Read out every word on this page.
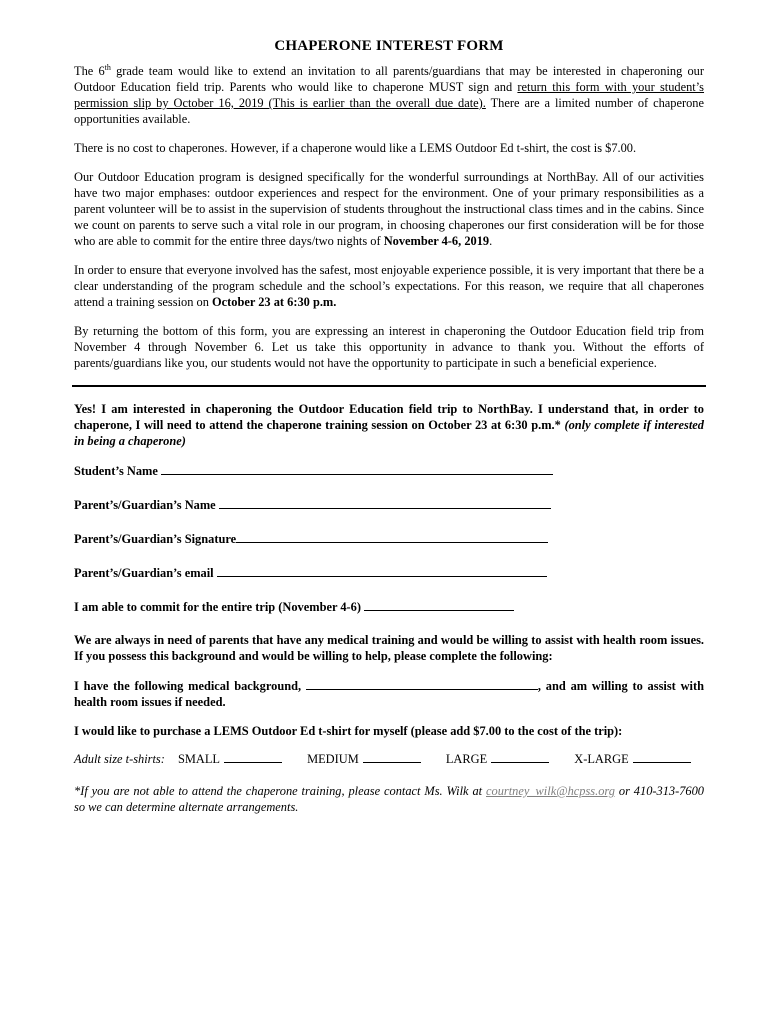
CHAPERONE INTEREST FORM

The 6th grade team would like to extend an invitation to all parents/guardians that may be interested in chaperoning our Outdoor Education field trip. Parents who would like to chaperone MUST sign and return this form with your student’s permission slip by October 16, 2019 (This is earlier than the overall due date). There are a limited number of chaperone opportunities available.

There is no cost to chaperones. However, if a chaperone would like a LEMS Outdoor Ed t-shirt, the cost is $7.00.

Our Outdoor Education program is designed specifically for the wonderful surroundings at NorthBay. All of our activities have two major emphases: outdoor experiences and respect for the environment. One of your primary responsibilities as a parent volunteer will be to assist in the supervision of students throughout the instructional class times and in the cabins. Since we count on parents to serve such a vital role in our program, in choosing chaperones our first consideration will be for those who are able to commit for the entire three days/two nights of November 4-6, 2019.

In order to ensure that everyone involved has the safest, most enjoyable experience possible, it is very important that there be a clear understanding of the program schedule and the school’s expectations. For this reason, we require that all chaperones attend a training session on October 23 at 6:30 p.m.

By returning the bottom of this form, you are expressing an interest in chaperoning the Outdoor Education field trip from November 4 through November 6. Let us take this opportunity in advance to thank you. Without the efforts of parents/guardians like you, our students would not have the opportunity to participate in such a beneficial experience.

Yes! I am interested in chaperoning the Outdoor Education field trip to NorthBay. I understand that, in order to chaperone, I will need to attend the chaperone training session on October 23 at 6:30 p.m.* (only complete if interested in being a chaperone)

Student’s Name
Parent’s/Guardian’s Name
Parent’s/Guardian’s Signature
Parent’s/Guardian’s email
I am able to commit for the entire trip (November 4-6)

We are always in need of parents that have any medical training and would be willing to assist with health room issues. If you possess this background and would be willing to help, please complete the following:

I have the following medical background,	, and am willing to assist with health room issues if needed.

I would like to purchase a LEMS Outdoor Ed t-shirt for myself (please add $7.00 to the cost of the trip):

Adult size t-shirts: SMALL	MEDIUM	LARGE	X-LARGE

*If you are not able to attend the chaperone training, please contact Ms. Wilk at courtney_wilk@hcpss.org or 410-313-7600 so we can determine alternate arrangements.
